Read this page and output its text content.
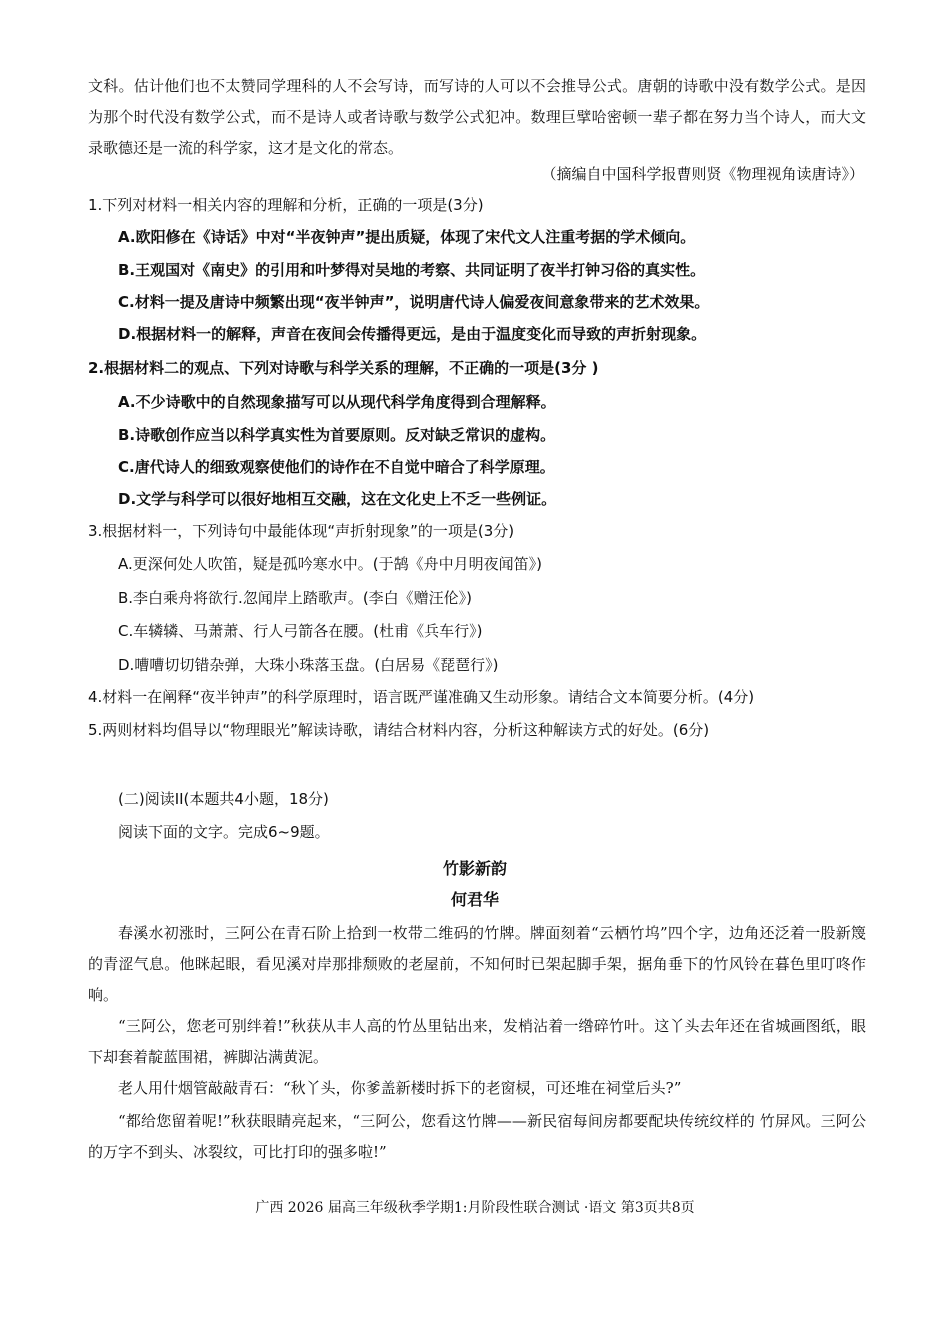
文科。估计他们也不太赞同学理科的人不会写诗，而写诗的人可以不会推导公式。唐朝的诗歌中没有数学公式。是因为那个时代没有数学公式，而不是诗人或者诗歌与数学公式犯冲。数理巨擘哈密顿一辈子都在努力当个诗人，而大文录歌德还是一流的科学家，这才是文化的常态。

（摘编自中国科学报曹则贤《物理视角读唐诗》）
1.下列对材料一相关内容的理解和分析，正确的一项是(3分)
A.欧阳修在《诗话》中对“半夜钟声”提出质疑，体现了宋代文人注重考据的学术倾向。
B.王观国对《南史》的引用和叶梦得对吴地的考察、共同证明了夜半打钟习俗的真实性。
C.材料一提及唐诗中频繁出现“夜半钟声”，说明唐代诗人偏爱夜间意象带来的艺术效果。
D.根据材料一的解释，声音在夜间会传播得更远，是由于温度变化而导致的声折射现象。
2.根据材料二的观点、下列对诗歌与科学关系的理解，不正确的一项是(3分 )
A.不少诗歌中的自然现象描写可以从现代科学角度得到合理解释。
B.诗歌创作应当以科学真实性为首要原则。反对缺乏常识的虚构。
C.唐代诗人的细致观察使他们的诗作在不自觉中暗合了科学原理。
D.文学与科学可以很好地相互交融，这在文化史上不乏一些例证。
3.根据材料一，下列诗句中最能体现“声折射现象”的一项是(3分)
A.更深何处人吹笛，疑是孤吟寒水中。(于鹄《舟中月明夜闻笛》)
B.李白乘舟将欲行.忽闻岸上踏歌声。(李白《赠汪伦》)
C.车辚辚、马萧萧、行人弓箭各在腰。(杜甫《兵车行》)
D.嘈嘈切切错杂弹，大珠小珠落玉盘。(白居易《琵琶行》)
4.材料一在阐释“夜半钟声”的科学原理时，语言既严谨准确又生动形象。请结合文本简要分析。(4分)
5.两则材料均倡导以“物理眼光”解读诗歌，请结合材料内容，分析这种解读方式的好处。(6分)
(二)阅读II(本题共4小题，18分)
阅读下面的文字。完成6~9题。
竹影新韵
何君华

春溪水初涨时，三阿公在青石阶上拾到一枚带二维码的竹牌。牌面刻着“云栖竹坞”四个字，边角还泛着一股新篾的青涩气息。他眯起眼，看见溪对岸那排颓败的老屋前，不知何时已架起脚手架，据角垂下的竹风铃在暮色里叮咚作响。

“三阿公，您老可别绊着!”秋获从丰人高的竹丛里钻出来，发梢沾着一绺碎竹叶。这丫头去年还在省城画图纸，眼下却套着靛蓝围裙，裤脚沾满黄泥。

老人用什烟管敲敲青石：“秋丫头，你爹盖新楼时拆下的老窗棂，可还堆在祠堂后头?”

“都给您留着呢!”秋获眼睛亮起来，“三阿公，您看这竹牌——新民宿每间房都要配块传统纹样的 竹屏风。三阿公的万字不到头、冰裂纹，可比打印的强多啦!”

广西 2026 届高三年级秋季学期1:月阶段性联合测试 ·语文 第3页共8页
